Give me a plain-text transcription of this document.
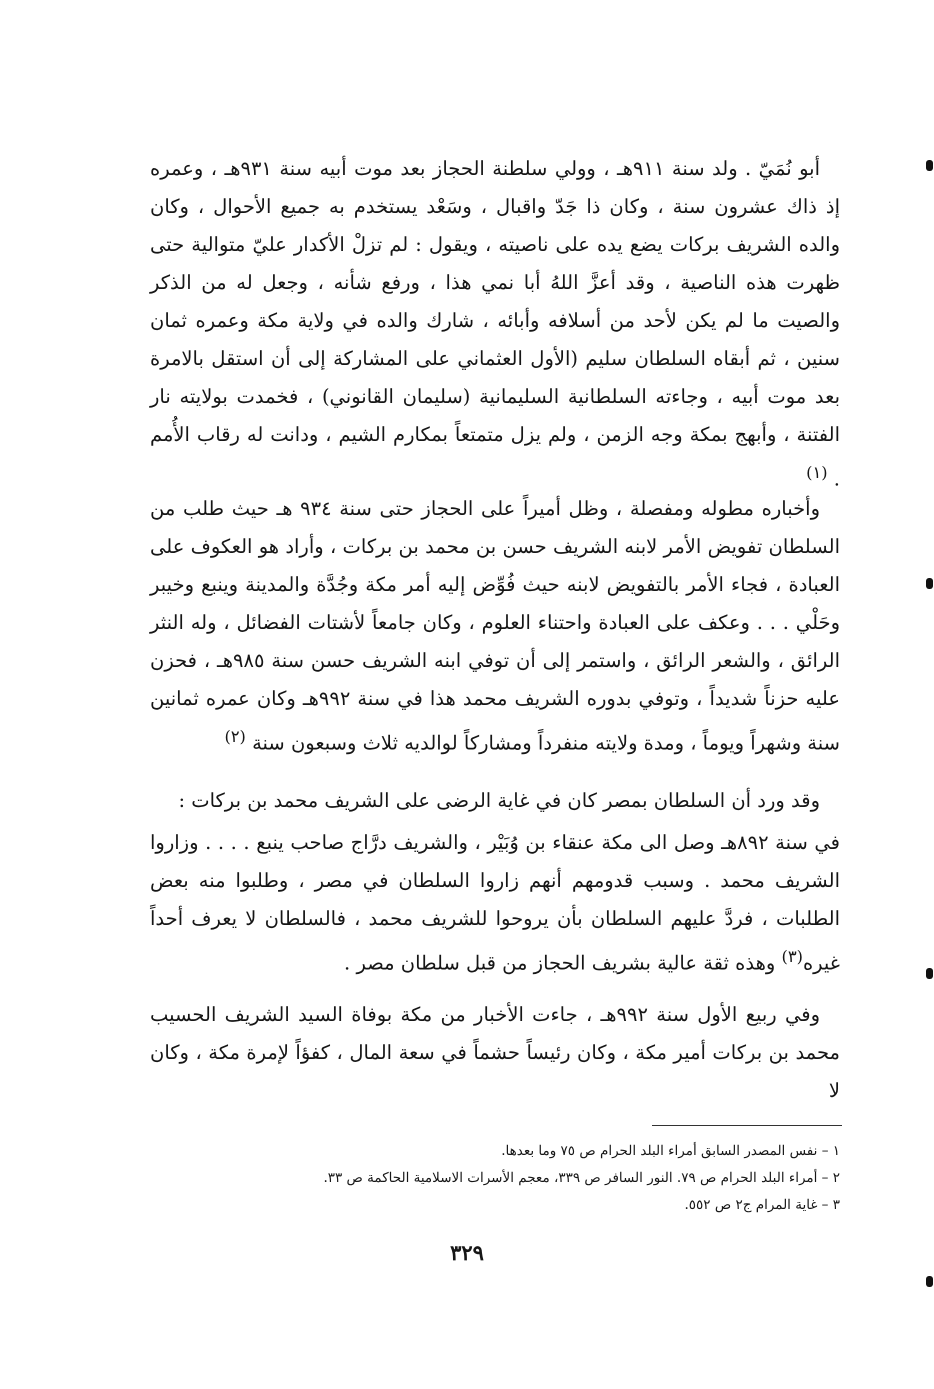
أبو نُمَيّ . ولد سنة ٩١١هـ ، وولي سلطنة الحجاز بعد موت أبيه سنة ٩٣١هـ ، وعمره إذ ذاك عشرون سنة ، وكان ذا جَدّ واقبال ، وسَعْد يستخدم به جميع الأحوال ، وكان والده الشريف بركات يضع يده على ناصيته ، ويقول : لم تزلْ الأكدار عليّ متوالية حتى ظهرت هذه الناصية ، وقد أعزَّ اللهُ أبا نمي هذا ، ورفع شأنه ، وجعل له من الذكر والصيت ما لم يكن لأحد من أسلافه وأبائه ، شارك والده في ولاية مكة وعمره ثمان سنين ، ثم أبقاه السلطان سليم (الأول العثماني على المشاركة إلى أن استقل بالامرة بعد موت أبيه ، وجاءته السلطانية السليمانية (سليمان القانوني) ، فخمدت بولايته نار الفتنة ، وأبهج بمكة وجه الزمن ، ولم يزل متمتعاً بمكارم الشيم ، ودانت له رقاب الأُمم . $^{(١)}$

وأخباره مطوله ومفصلة ، وظل أميراً على الحجاز حتى سنة ٩٣٤ هـ حيث طلب من السلطان تفويض الأمر لابنه الشريف حسن بن محمد بن بركات ، وأراد هو العكوف على العبادة ، فجاء الأمر بالتفويض لابنه حيث فُوِّض إليه أمر مكة وجُدَّة والمدينة وينبع وخيبر وحَلْي . . . وعكف على العبادة واحتناء العلوم ، وكان جامعاً لأشتات الفضائل ، وله النثر الرائق ، والشعر الرائق ، واستمر إلى أن توفي ابنه الشريف حسن سنة ٩٨٥هـ ، فحزن عليه حزناً شديداً ، وتوفي بدوره الشريف محمد هذا في سنة ٩٩٢هـ وكان عمره ثمانين سنة وشهراً ويوماً ، ومدة ولايته منفرداً ومشاركاً لوالديه ثلاث وسبعون سنة $^{(٢)}$

وقد ورد أن السلطان بمصر كان في غاية الرضى على الشريف محمد بن بركات :

في سنة ٨٩٢هـ وصل الى مكة عنقاء بن وُبَيْر ، والشريف درَّاج صاحب ينبع . . . . وزاروا الشريف محمد . وسبب قدومهم أنهم زاروا السلطان في مصر ، وطلبوا منه بعض الطلبات ، فردَّ عليهم السلطان بأن يروحوا للشريف محمد ، فالسلطان لا يعرف أحداً غيره$^{(٣)}$ وهذه ثقة عالية بشريف الحجاز من قبل سلطان مصر .

وفي ربيع الأول سنة ٩٩٢هـ ، جاءت الأخبار من مكة بوفاة السيد الشريف الحسيب محمد بن بركات أمير مكة ، وكان رئيساً حشماً في سعة المال ، كفؤاً لإمرة مكة ، وكان لا

١ – نفس المصدر السابق أمراء البلد الحرام ص ٧٥ وما بعدها.
٢ – أمراء البلد الحرام ص ٧٩. النور السافر ص ٣٣٩، معجم الأسرات الاسلامية الحاكمة ص ٣٣.
٣ – غاية المرام ج٢ ص ٥٥٢.
٣٢٩
